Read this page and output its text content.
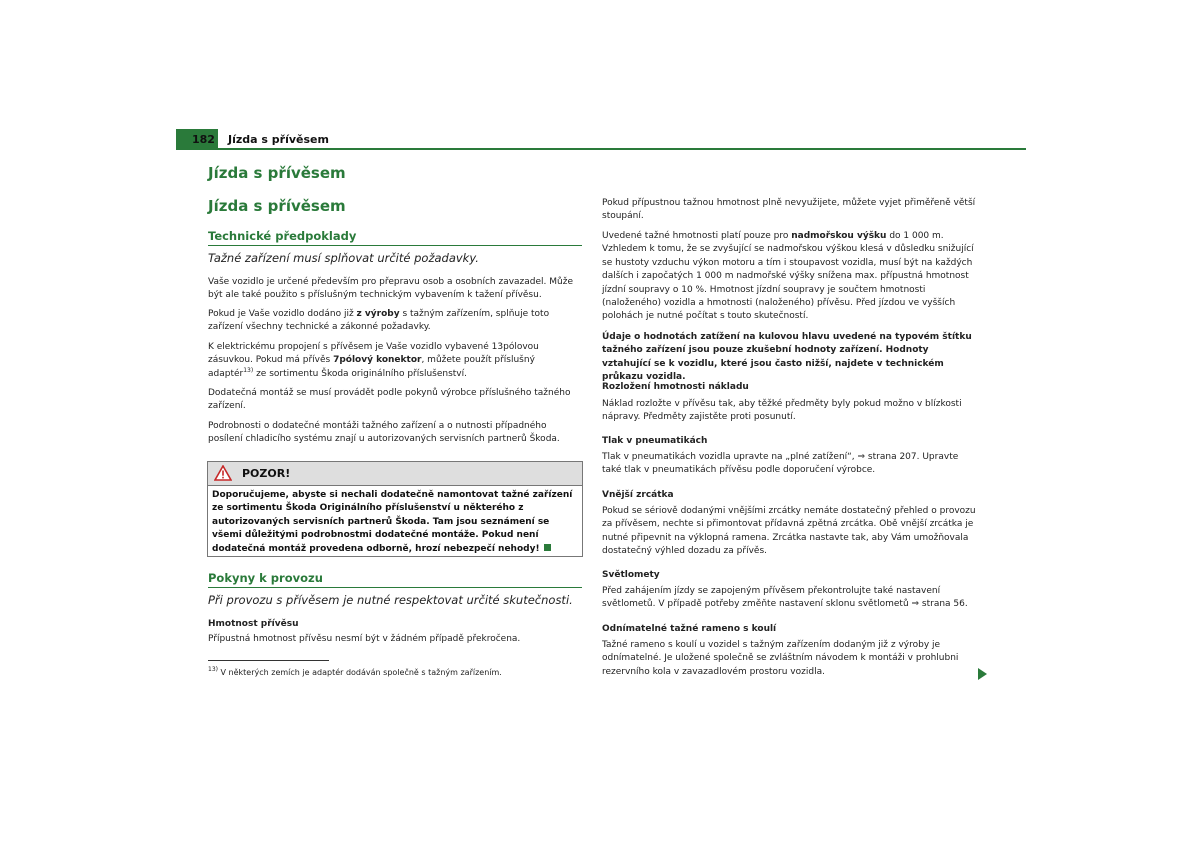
182 Jízda s přívěsem
Jízda s přívěsem
Jízda s přívěsem
Technické předpoklady
Tažné zařízení musí splňovat určité požadavky.

Vaše vozidlo je určené především pro přepravu osob a osobních zavazadel. Může být ale také použito s příslušným technickým vybavením k tažení přívěsu.

Pokud je Vaše vozidlo dodáno již z výroby s tažným zařízením, splňuje toto zařízení všechny technické a zákonné požadavky.

K elektrickému propojení s přívěsem je Vaše vozidlo vybavené 13pólovou zásuvkou. Pokud má přívěs 7pólový konektor, můžete použít příslušný adaptér$^{13)}$ ze sortimentu Škoda originálního příslušenství.

Dodatečná montáž se musí provádět podle pokynů výrobce příslušného tažného zařízení.

Podrobnosti o dodatečné montáži tažného zařízení a o nutnosti případného posílení chladicího systému znají u autorizovaných servisních partnerů Škoda.

POZOR!
Doporučujeme, abyste si nechali dodatečně namontovat tažné zařízení ze sortimentu Škoda Originálního příslušenství u některého z autorizovaných servisních partnerů Škoda. Tam jsou seznámení se všemi důležitými podrobnostmi dodatečné montáže. Pokud není dodatečná montáž provedena odborně, hrozí nebezpečí nehody!
Pokyny k provozu
Při provozu s přívěsem je nutné respektovat určité skutečnosti.

Hmotnost přívěsu

Přípustná hmotnost přívěsu nesmí být v žádném případě překročena.

$^{13)}$ V některých zemích je adaptér dodáván společně s tažným zařízením.

Pokud přípustnou tažnou hmotnost plně nevyužijete, můžete vyjet přiměřeně větší stoupání.

Uvedené tažné hmotnosti platí pouze pro nadmořskou výšku do 1 000 m. Vzhledem k tomu, že se zvyšující se nadmořskou výškou klesá v důsledku snižující se hustoty vzduchu výkon motoru a tím i stoupavost vozidla, musí být na každých dalších i započatých 1 000 m nadmořské výšky snížena max. přípustná hmotnost jízdní soupravy o 10 %. Hmotnost jízdní soupravy je součtem hmotnosti (naloženého) vozidla a hmotnosti (naloženého) přívěsu. Před jízdou ve vyšších polohách je nutné počítat s touto skutečností.

Údaje o hodnotách zatížení na kulovou hlavu uvedené na typovém štítku tažného zařízení jsou pouze zkušební hodnoty zařízení. Hodnoty vztahující se k vozidlu, které jsou často nižší, najdete v technickém průkazu vozidla.

Rozložení hmotnosti nákladu

Náklad rozložte v přívěsu tak, aby těžké předměty byly pokud možno v blízkosti nápravy. Předměty zajistěte proti posunutí.

Tlak v pneumatikách

Tlak v pneumatikách vozidla upravte na „plné zatížení“, ⇒ strana 207. Upravte také tlak v pneumatikách přívěsu podle doporučení výrobce.

Vnější zrcátka

Pokud se sériově dodanými vnějšími zrcátky nemáte dostatečný přehled o provozu za přívěsem, nechte si přimontovat přídavná zpětná zrcátka. Obě vnější zrcátka je nutné připevnit na výklopná ramena. Zrcátka nastavte tak, aby Vám umožňovala dostatečný výhled dozadu za přívěs.

Světlomety

Před zahájením jízdy se zapojeným přívěsem překontrolujte také nastavení světlometů. V případě potřeby změňte nastavení sklonu světlometů ⇒ strana 56.

Odnímatelné tažné rameno s koulí

Tažné rameno s koulí u vozidel s tažným zařízením dodaným již z výroby je odnímatelné. Je uložené společně se zvláštním návodem k montáži v prohlubni rezervního kola v zavazadlovém prostoru vozidla.
